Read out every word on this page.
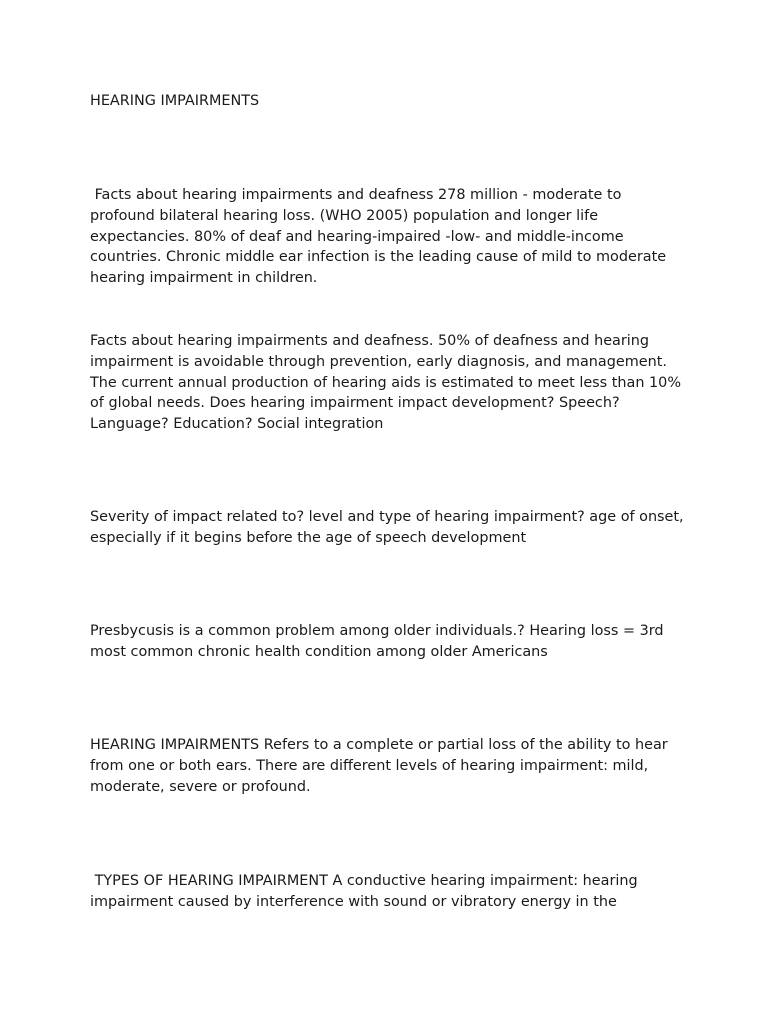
HEARING IMPAIRMENTS

Facts about hearing impairments and deafness 278 million - moderate to profound bilateral hearing loss. (WHO 2005) population and longer life expectancies. 80% of deaf and hearing-impaired -low- and middle-income countries. Chronic middle ear infection is the leading cause of mild to moderate hearing impairment in children.

Facts about hearing impairments and deafness. 50% of deafness and hearing impairment is avoidable through prevention, early diagnosis, and management. The current annual production of hearing aids is estimated to meet less than 10% of global needs. Does hearing impairment impact development? Speech? Language? Education? Social integration

Severity of impact related to? level and type of hearing impairment? age of onset, especially if it begins before the age of speech development

Presbycusis is a common problem among older individuals.? Hearing loss = 3rd most common chronic health condition among older Americans

HEARING IMPAIRMENTS Refers to a complete or partial loss of the ability to hear from one or both ears. There are different levels of hearing impairment: mild, moderate, severe or profound.

TYPES OF HEARING IMPAIRMENT A conductive hearing impairment: hearing impairment caused by interference with sound or vibratory energy in the
